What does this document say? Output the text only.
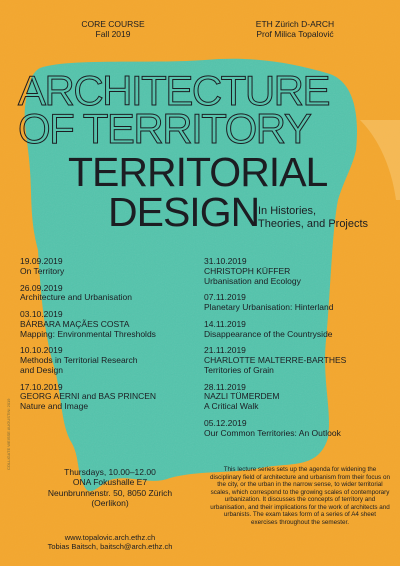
CORE COURSE
Fall 2019
ETH Zürich D-ARCH
Prof Milica Topalović
ARCHITECTURE
OF TERRITORY
TERRITORIAL
DESIGN
In Histories,
Theories, and Projects
19.09.2019
On Territory
26.09.2019
Architecture and Urbanisation
03.10.2019
BÁRBARA MAÇÃES COSTA
Mapping: Environmental Thresholds
10.10.2019
Methods in Territorial Research
and Design
17.10.2019
GEORG AERNI and BAS PRINCEN
Nature and Image
31.10.2019
CHRISTOPH KÜFFER
Urbanisation and Ecology
07.11.2019
Planetary Urbanisation: Hinterland
14.11.2019
Disappearance of the Countryside
21.11.2019
CHARLOTTE MALTERRE-BARTHES
Territories of Grain
28.11.2019
NAZLI TÜMERDEM
A Critical Walk
05.12.2019
Our Common Territories: An Outlook
Thursdays, 10.00–12.00
ONA Fokushalle E7
Neunbrunnenstr. 50, 8050 Zürich
(Oerlikon)
www.topalovic.arch.ethz.ch
Tobias Baitsch, baitsch@arch.ethz.ch
COLLIGATE WEISSE AUGUSTINI 2019	This lecture series sets up the agenda for widening the disciplinary field of architecture and urbanism from their focus on the city, or the urban in the narrow sense, to wider territorial scales, which correspond to the growing scales of contemporary urbanization. It discusses the concepts of territory and urbanisation, and their implications for the work of architects and urbanists. The exam takes form of a series of A4 sheet exercises throughout the semester.
